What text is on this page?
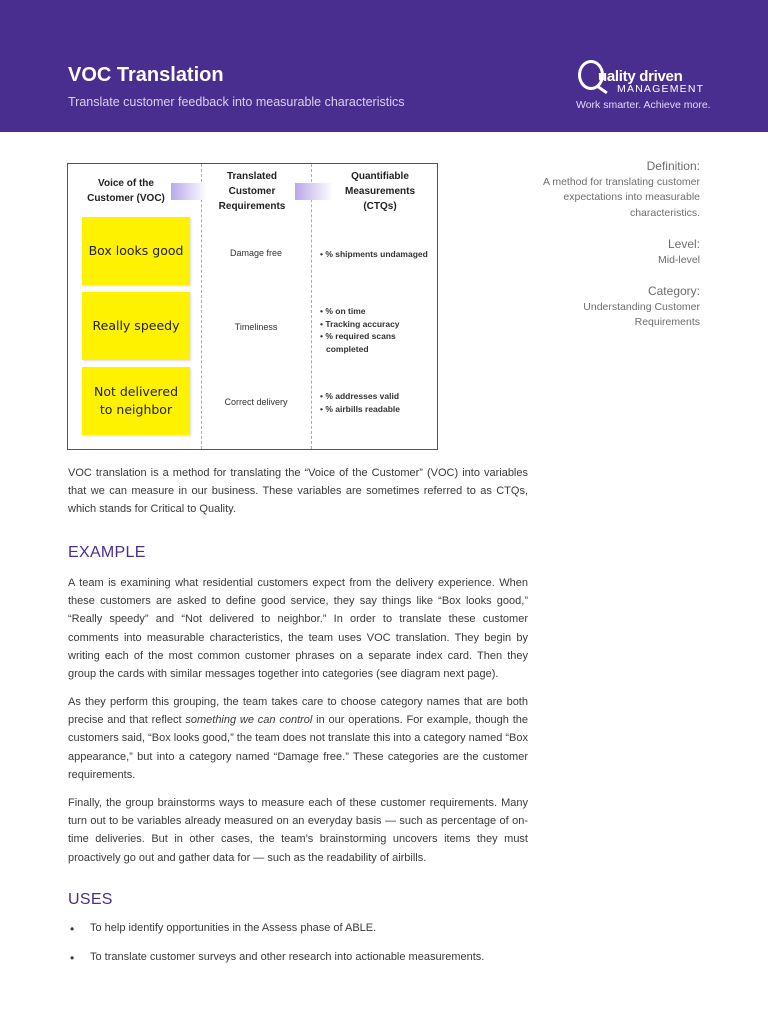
VOC Translation
Translate customer feedback into measurable characteristics
uality driven
MANAGEMENT
Work smarter. Achieve more.
Voice of the Customer (VOC)
Translated Customer Requirements
Quantifiable Measurements (CTQs)
Box looks good	Damage free
•	% shipments undamaged
Really speedy	Timeliness
• % on time
• Tracking accuracy
• % required scans completed
Not delivered to neighbor	Correct delivery
• % addresses valid
• % airbills readable
Definition:
A method for translating customer expectations into measurable characteristics.
Level:
Mid-level
Category:
Understanding Customer Requirements

VOC translation is a method for translating the “Voice of the Customer” (VOC) into variables that we can measure in our business. These variables are sometimes referred to as CTQs, which stands for Critical to Quality.

EXAMPLE

A team is examining what residential customers expect from the delivery experience. When these customers are asked to define good service, they say things like “Box looks good,” “Really speedy” and “Not delivered to neighbor.” In order to translate these customer comments into measurable characteristics, the team uses VOC translation. They begin by writing each of the most common customer phrases on a separate index card. Then they group the cards with similar messages together into categories (see diagram next page).

As they perform this grouping, the team takes care to choose category names that are both precise and that reflect something we can control in our operations. For example, though the customers said, “Box looks good,” the team does not translate this into a category named “Box appearance,” but into a category named “Damage free.” These categories are the customer requirements.

Finally, the group brainstorms ways to measure each of these customer requirements. Many turn out to be variables already measured on an everyday basis — such as percentage of on-time deliveries. But in other cases, the team’s brainstorming uncovers items they must proactively go out and gather data for — such as the readability of airbills.

USES
• To help identify opportunities in the Assess phase of ABLE.
• To translate customer surveys and other research into actionable measurements.
